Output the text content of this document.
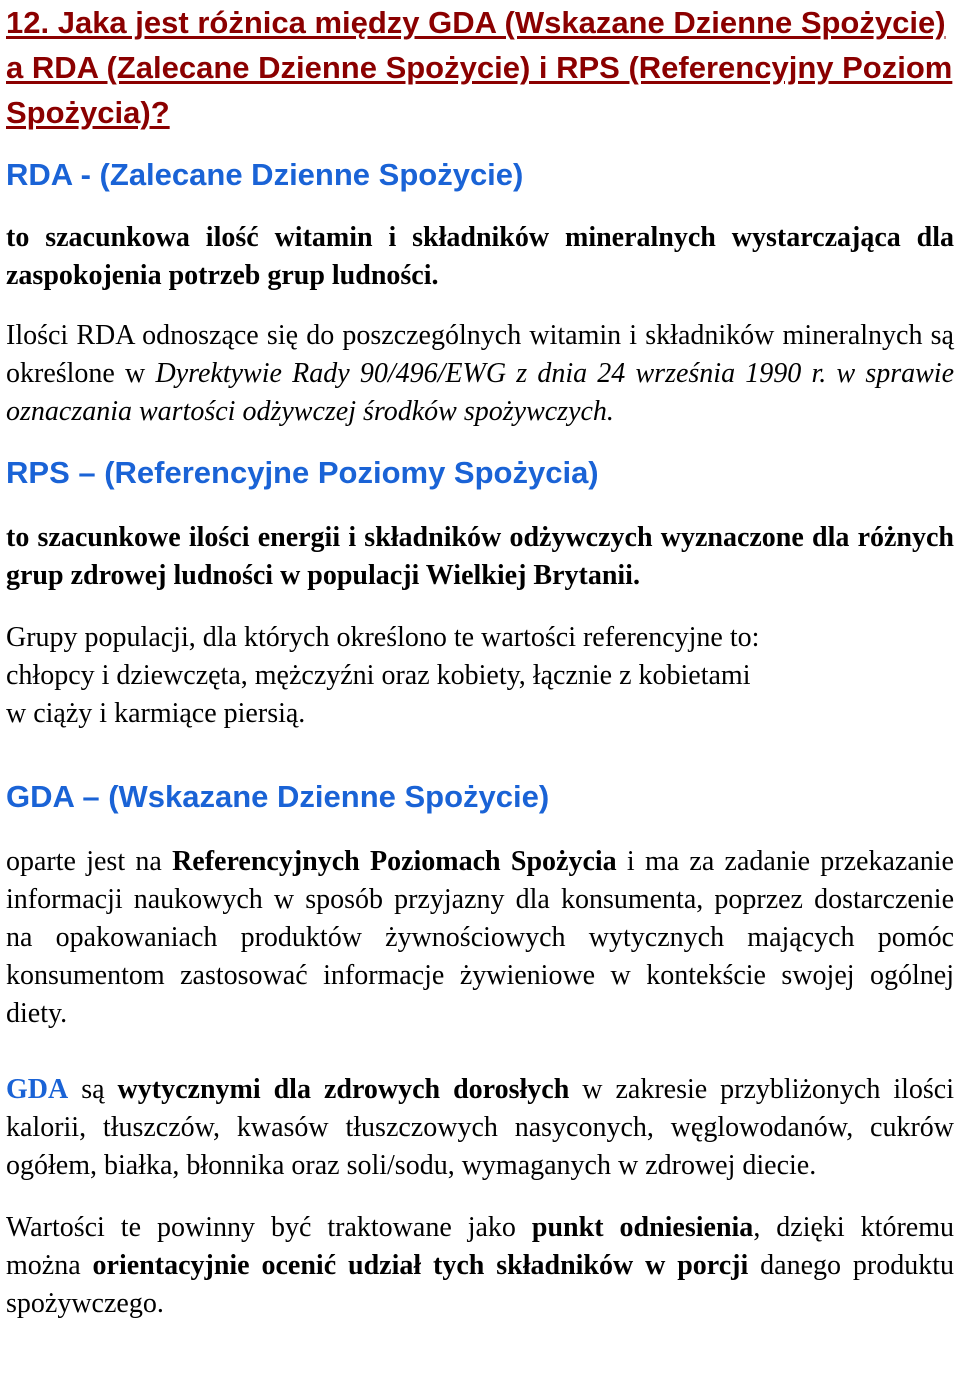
12. Jaka jest różnica między GDA (Wskazane Dzienne Spożycie) a RDA (Zalecane Dzienne Spożycie) i RPS (Referencyjny Poziom Spożycia)?
RDA - (Zalecane Dzienne Spożycie)

to szacunkowa ilość witamin i składników mineralnych wystarczająca dla zaspokojenia potrzeb grup ludności.

Ilości RDA odnoszące się do poszczególnych witamin i składników mineralnych są określone w Dyrektywie Rady 90/496/EWG z dnia 24 września 1990 r. w sprawie oznaczania wartości odżywczej środków spożywczych.

RPS – (Referencyjne Poziomy Spożycia)

to szacunkowe ilości energii i składników odżywczych wyznaczone dla różnych grup zdrowej ludności w populacji Wielkiej Brytanii.

Grupy populacji, dla których określono te wartości referencyjne to:
chłopcy i dziewczęta, mężczyźni oraz kobiety, łącznie z kobietami
w ciąży i karmiące piersią.
GDA – (Wskazane Dzienne Spożycie)

oparte jest na Referencyjnych Poziomach Spożycia i ma za zadanie przekazanie informacji naukowych w sposób przyjazny dla konsumenta, poprzez dostarczenie na opakowaniach produktów żywnościowych wytycznych mających pomóc konsumentom zastosować informacje żywieniowe w kontekście swojej ogólnej diety.

GDA są wytycznymi dla zdrowych dorosłych w zakresie przybliżonych ilości kalorii, tłuszczów, kwasów tłuszczowych nasyconych, węglowodanów, cukrów ogółem, białka, błonnika oraz soli/sodu, wymaganych w zdrowej diecie.

Wartości te powinny być traktowane jako punkt odniesienia, dzięki któremu można orientacyjnie ocenić udział tych składników w porcji danego produktu spożywczego.
